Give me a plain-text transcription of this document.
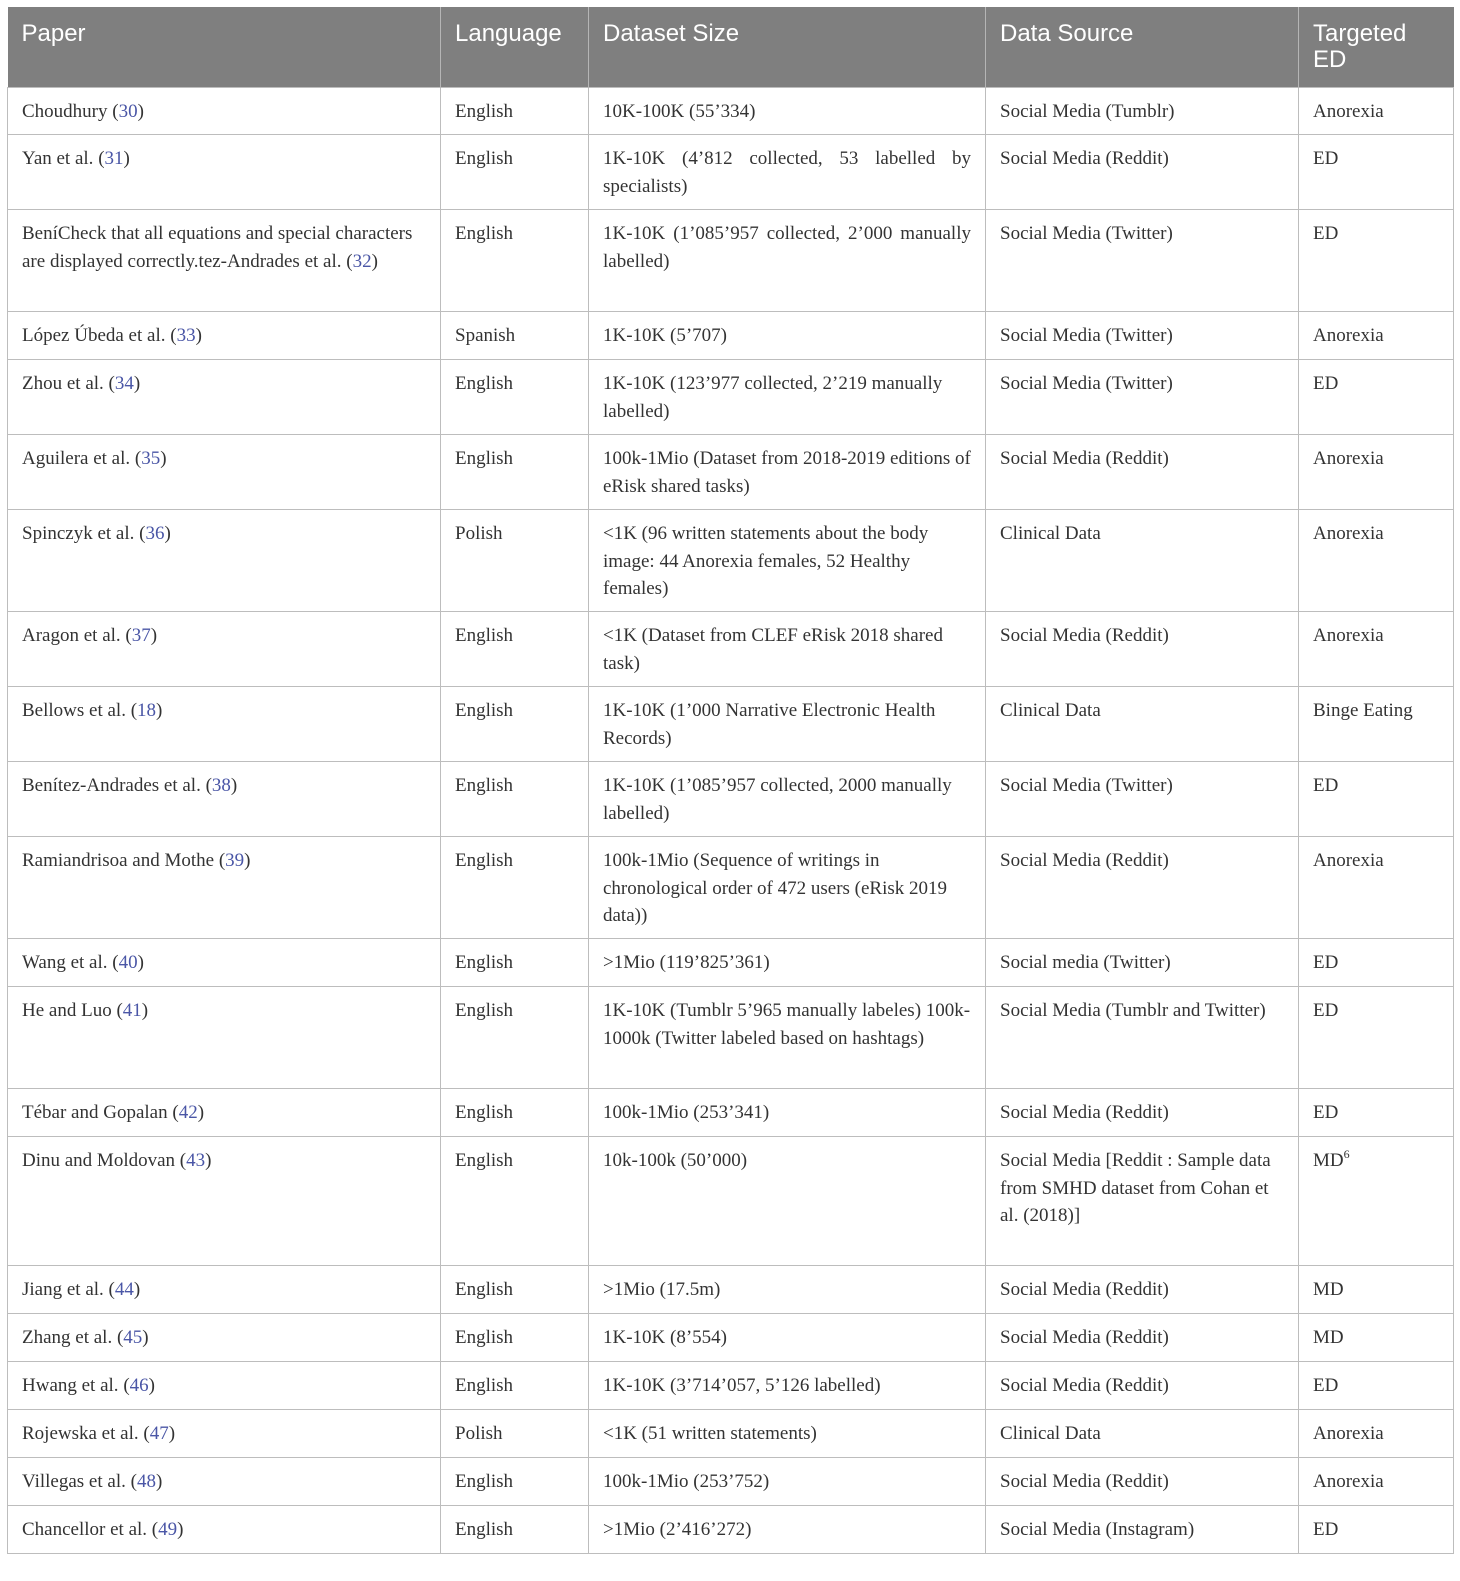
Paper	Language	Dataset Size	Data Source	Targeted ED
Choudhury (30)	English	10K-100K (55’334)	Social Media (Tumblr)	Anorexia
Yan et al. (31)	English	1K-10K (4’812 collected, 53 labelled by specialists)	Social Media (Reddit)	ED
BeníCheck that all equations and special characters are displayed correctly.tez-Andrades et al. (32)	English	1K-10K (1’085’957 collected, 2’000 manually labelled)	Social Media (Twitter)	ED
López Úbeda et al. (33)	Spanish	1K-10K (5’707)	Social Media (Twitter)	Anorexia
Zhou et al. (34)	English	1K-10K (123’977 collected, 2’219 manually labelled)	Social Media (Twitter)	ED
Aguilera et al. (35)	English	100k-1Mio (Dataset from 2018-2019 editions of eRisk shared tasks)	Social Media (Reddit)	Anorexia
Spinczyk et al. (36)	Polish	<1K (96 written statements about the body image: 44 Anorexia females, 52 Healthy females)	Clinical Data	Anorexia
Aragon et al. (37)	English	<1K (Dataset from CLEF eRisk 2018 shared task)	Social Media (Reddit)	Anorexia
Bellows et al. (18)	English	1K-10K (1’000 Narrative Electronic Health Records)	Clinical Data	Binge Eating
Benítez-Andrades et al. (38)	English	1K-10K (1’085’957 collected, 2000 manually labelled)	Social Media (Twitter)	ED
Ramiandrisoa and Mothe (39)	English	100k-1Mio (Sequence of writings in chronological order of 472 users (eRisk 2019 data))	Social Media (Reddit)	Anorexia
Wang et al. (40)	English	>1Mio (119’825’361)	Social media (Twitter)	ED
He and Luo (41)	English	1K-10K (Tumblr 5’965 manually labeles) 100k-1000k (Twitter labeled based on hashtags)	Social Media (Tumblr and Twitter)	ED
Tébar and Gopalan (42)	English	100k-1Mio (253’341)	Social Media (Reddit)	ED
Dinu and Moldovan (43)	English	10k-100k (50’000)	Social Media [Reddit : Sample data from SMHD dataset from Cohan et al. (2018)]	$MD^6$
Jiang et al. (44)	English	>1Mio (17.5m)	Social Media (Reddit)	MD
Zhang et al. (45)	English	1K-10K (8’554)	Social Media (Reddit)	MD
Hwang et al. (46)	English	1K-10K (3’714’057, 5’126 labelled)	Social Media (Reddit)	ED
Rojewska et al. (47)	Polish	<1K (51 written statements)	Clinical Data	Anorexia
Villegas et al. (48)	English	100k-1Mio (253’752)	Social Media (Reddit)	Anorexia
Chancellor et al. (49)	English	>1Mio (2’416’272)	Social Media (Instagram)	ED
